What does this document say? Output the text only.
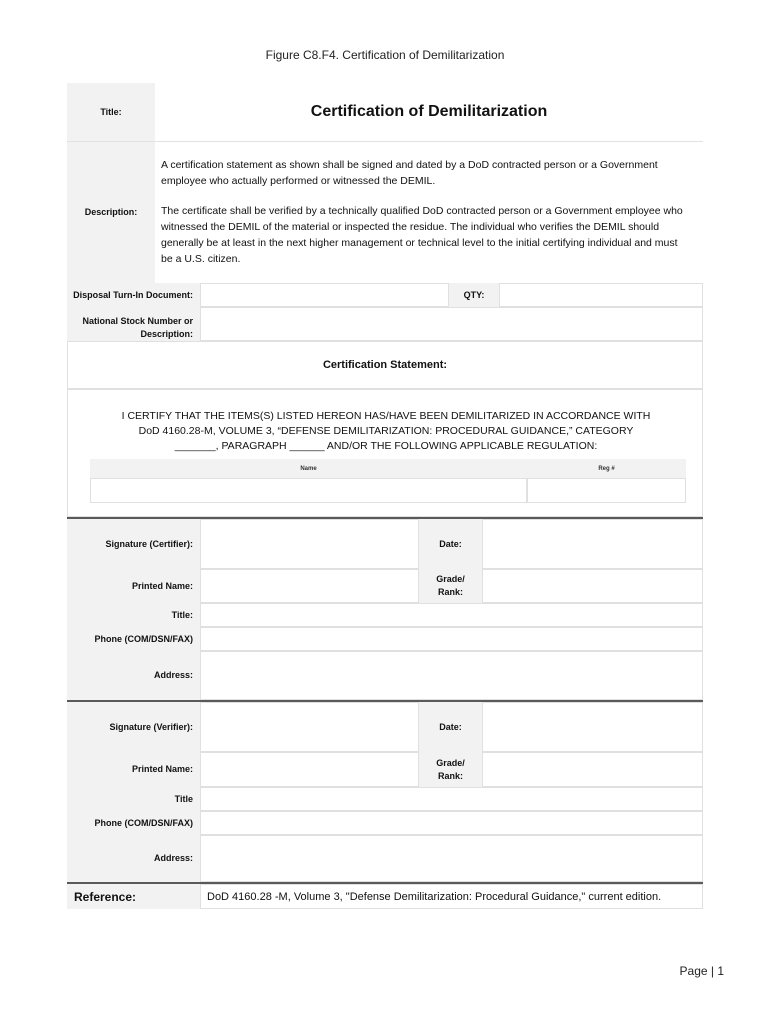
Figure C8.F4. Certification of Demilitarization
Title:	Certification of Demilitarization
Description:

A certification statement as shown shall be signed and dated by a DoD contracted person or a Government employee who actually performed or witnessed the DEMIL.

The certificate shall be verified by a technically qualified DoD contracted person or a Government employee who witnessed the DEMIL of the material or inspected the residue. The individual who verifies the DEMIL should generally be at least in the next higher management or technical level to the initial certifying individual and must be a U.S. citizen.

Disposal Turn-In Document:	QTY:
National Stock Number or
Description:
Certification Statement:
I CERTIFY THAT THE ITEMS(S) LISTED HEREON HAS/HAVE BEEN DEMILITARIZED IN ACCORDANCE WITH
DoD 4160.28-M, VOLUME 3, “DEFENSE DEMILITARIZATION: PROCEDURAL GUIDANCE,” CATEGORY
_______, PARAGRAPH ______ AND/OR THE FOLLOWING APPLICABLE REGULATION:
Name	Reg #
Signature (Certifier):	Date:
Printed Name:
Grade/
Rank:
Title:
Phone (COM/DSN/FAX)
Address:
Signature (Verifier):	Date:
Printed Name:
Grade/
Rank:
Title
Phone (COM/DSN/FAX)
Address:
Reference:	DoD 4160.28 -M, Volume 3, "Defense Demilitarization: Procedural Guidance," current edition.
Page | 1
